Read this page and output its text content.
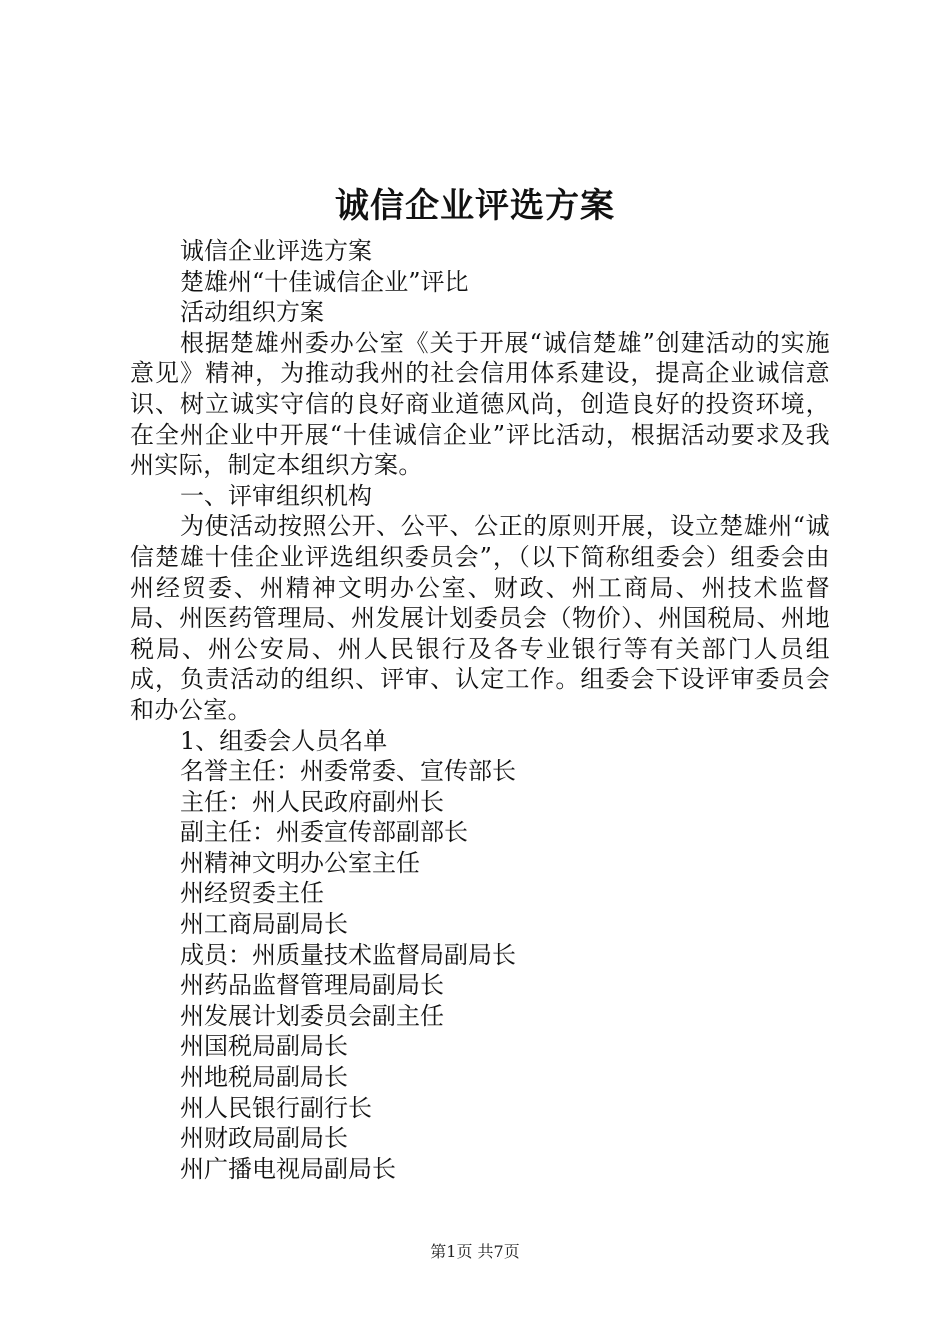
诚信企业评选方案

诚信企业评选方案

楚雄州“十佳诚信企业”评比

活动组织方案

根据楚雄州委办公室《关于开展“诚信楚雄”创建活动的实施意见》精神，为推动我州的社会信用体系建设，提高企业诚信意识、树立诚实守信的良好商业道德风尚，创造良好的投资环境，在全州企业中开展“十佳诚信企业”评比活动，根据活动要求及我州实际，制定本组织方案。

一、评审组织机构

为使活动按照公开、公平、公正的原则开展，设立楚雄州“诚信楚雄十佳企业评选组织委员会”，（以下简称组委会）组委会由州经贸委、州精神文明办公室、财政、州工商局、州技术监督局、州医药管理局、州发展计划委员会（物价）、州国税局、州地税局、州公安局、州人民银行及各专业银行等有关部门人员组成，负责活动的组织、评审、认定工作。组委会下设评审委员会和办公室。

1、组委会人员名单

名誉主任：州委常委、宣传部长

主任：州人民政府副州长

副主任：州委宣传部副部长

州精神文明办公室主任

州经贸委主任

州工商局副局长

成员：州质量技术监督局副局长

州药品监督管理局副局长

州发展计划委员会副主任

州国税局副局长

州地税局副局长

州人民银行副行长

州财政局副局长

州广播电视局副局长

第1页 共7页
